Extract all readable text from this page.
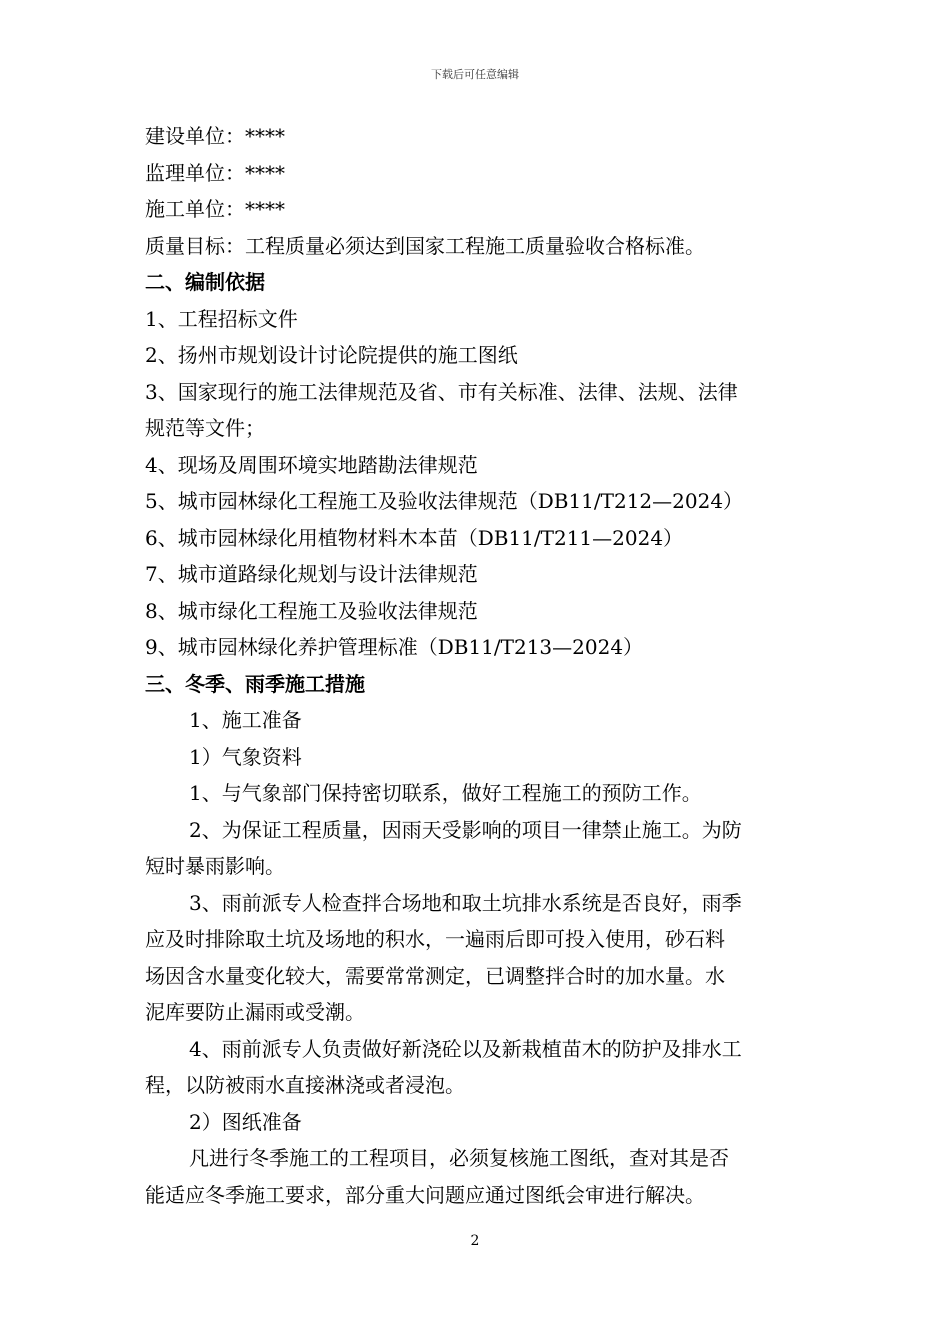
下载后可任意编辑
建设单位：****
监理单位：****
施工单位：****
质量目标：工程质量必须达到国家工程施工质量验收合格标准。
二、编制依据
1、工程招标文件
2、扬州市规划设计讨论院提供的施工图纸
3、国家现行的施工法律规范及省、市有关标准、法律、法规、法律
规范等文件；
4、现场及周围环境实地踏勘法律规范
5、城市园林绿化工程施工及验收法律规范（DB11/T212—2024）
6、城市园林绿化用植物材料木本苗（DB11/T211—2024）
7、城市道路绿化规划与设计法律规范
8、城市绿化工程施工及验收法律规范
9、城市园林绿化养护管理标准（DB11/T213—2024）
三、冬季、雨季施工措施
1、施工准备
1）气象资料
1、与气象部门保持密切联系，做好工程施工的预防工作。
2、为保证工程质量，因雨天受影响的项目一律禁止施工。为防
短时暴雨影响。
3、雨前派专人检查拌合场地和取土坑排水系统是否良好，雨季
应及时排除取土坑及场地的积水，一遍雨后即可投入使用，砂石料
场因含水量变化较大，需要常常测定，已调整拌合时的加水量。水
泥库要防止漏雨或受潮。
4、雨前派专人负责做好新浇砼以及新栽植苗木的防护及排水工
程，以防被雨水直接淋浇或者浸泡。
2）图纸准备
凡进行冬季施工的工程项目，必须复核施工图纸，查对其是否
能适应冬季施工要求，部分重大问题应通过图纸会审进行解决。
2
